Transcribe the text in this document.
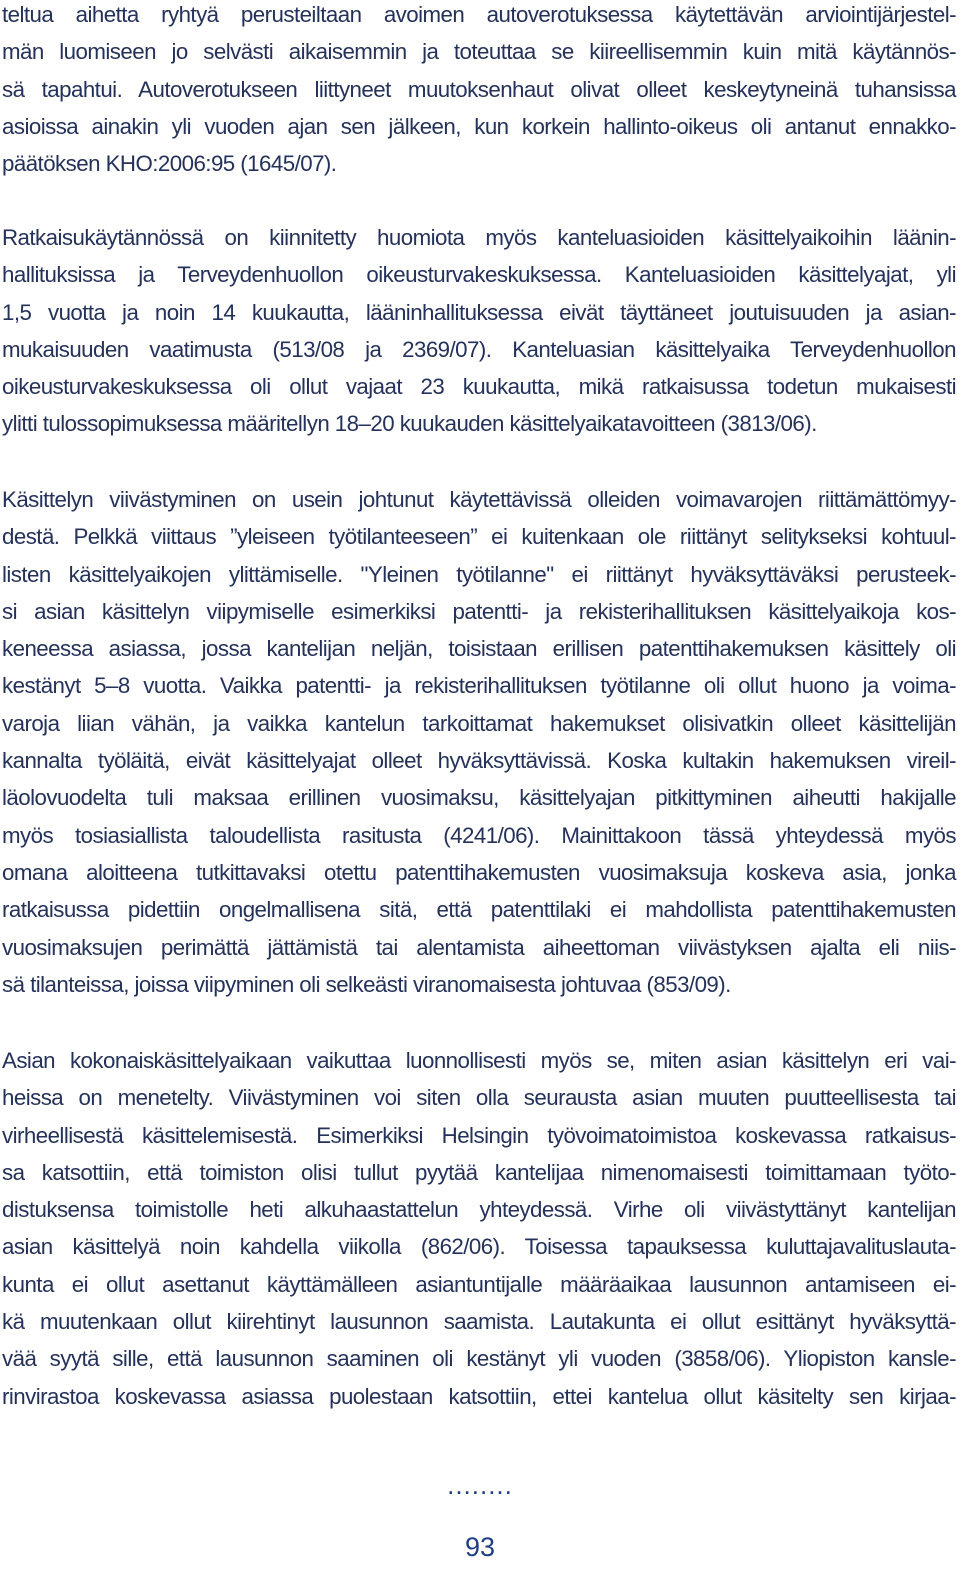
teltua aihetta ryhtyä perusteiltaan avoimen autoverotuksessa käytettävän arviointijärjestel-
män luomiseen jo selvästi aikaisemmin ja toteuttaa se kiireellisemmin kuin mitä käytännös-
sä tapahtui. Autoverotukseen liittyneet muutoksenhaut olivat olleet keskeytyneinä tuhansissa
asioissa ainakin yli vuoden ajan sen jälkeen, kun korkein hallinto-oikeus oli antanut ennakko-
päätöksen KHO:2006:95 (1645/07).
Ratkaisukäytännössä on kiinnitetty huomiota myös kanteluasioiden käsittelyaikoihin läänin-
hallituksissa ja Terveydenhuollon oikeusturvakeskuksessa. Kanteluasioiden käsittelyajat, yli
1,5 vuotta ja noin 14 kuukautta, lääninhallituksessa eivät täyttäneet joutuisuuden ja asian-
mukaisuuden vaatimusta (513/08 ja 2369/07). Kanteluasian käsittelyaika Terveydenhuollon
oikeusturvakeskuksessa oli ollut vajaat 23 kuukautta, mikä ratkaisussa todetun mukaisesti
ylitti tulossopimuksessa määritellyn 18–20 kuukauden käsittelyaikatavoitteen (3813/06).
Käsittelyn viivästyminen on usein johtunut käytettävissä olleiden voimavarojen riittämättömyy-
destä. Pelkkä viittaus ”yleiseen työtilanteeseen” ei kuitenkaan ole riittänyt selitykseksi kohtuul-
listen käsittelyaikojen ylittämiselle. "Yleinen työtilanne" ei riittänyt hyväksyttäväksi perusteek-
si asian käsittelyn viipymiselle esimerkiksi patentti- ja rekisterihallituksen käsittelyaikoja kos-
keneessa asiassa, jossa kantelijan neljän, toisistaan erillisen patenttihakemuksen käsittely oli
kestänyt 5–8 vuotta. Vaikka patentti- ja rekisterihallituksen työtilanne oli ollut huono ja voima-
varoja liian vähän, ja vaikka kantelun tarkoittamat hakemukset olisivatkin olleet käsittelijän
kannalta työläitä, eivät käsittelyajat olleet hyväksyttävissä. Koska kultakin hakemuksen vireil-
läolovuodelta tuli maksaa erillinen vuosimaksu, käsittelyajan pitkittyminen aiheutti hakijalle
myös tosiasiallista taloudellista rasitusta (4241/06). Mainittakoon tässä yhteydessä myös
omana aloitteena tutkittavaksi otettu patenttihakemusten vuosimaksuja koskeva asia, jonka
ratkaisussa pidettiin ongelmallisena sitä, että patenttilaki ei mahdollista patenttihakemusten
vuosimaksujen perimättä jättämistä tai alentamista aiheettoman viivästyksen ajalta eli niis-
sä tilanteissa, joissa viipyminen oli selkeästi viranomaisesta johtuvaa (853/09).
Asian kokonaiskäsittelyaikaan vaikuttaa luonnollisesti myös se, miten asian käsittelyn eri vai-
heissa on menetelty. Viivästyminen voi siten olla seurausta asian muuten puutteellisesta tai
virheellisestä käsittelemisestä. Esimerkiksi Helsingin työvoimatoimistoa koskevassa ratkaisus-
sa katsottiin, että toimiston olisi tullut pyytää kantelijaa nimenomaisesti toimittamaan työto-
distuksensa toimistolle heti alkuhaastattelun yhteydessä. Virhe oli viivästyttänyt kantelijan
asian käsittelyä noin kahdella viikolla (862/06). Toisessa tapauksessa kuluttajavalituslauta-
kunta ei ollut asettanut käyttämälleen asiantuntijalle määräaikaa lausunnon antamiseen ei-
kä muutenkaan ollut kiirehtinyt lausunnon saamista. Lautakunta ei ollut esittänyt hyväksyttä-
vää syytä sille, että lausunnon saaminen oli kestänyt yli vuoden (3858/06). Yliopiston kansle-
rinvirastoa koskevassa asiassa puolestaan katsottiin, ettei kantelua ollut käsitelty sen kirjaa-
........
93
